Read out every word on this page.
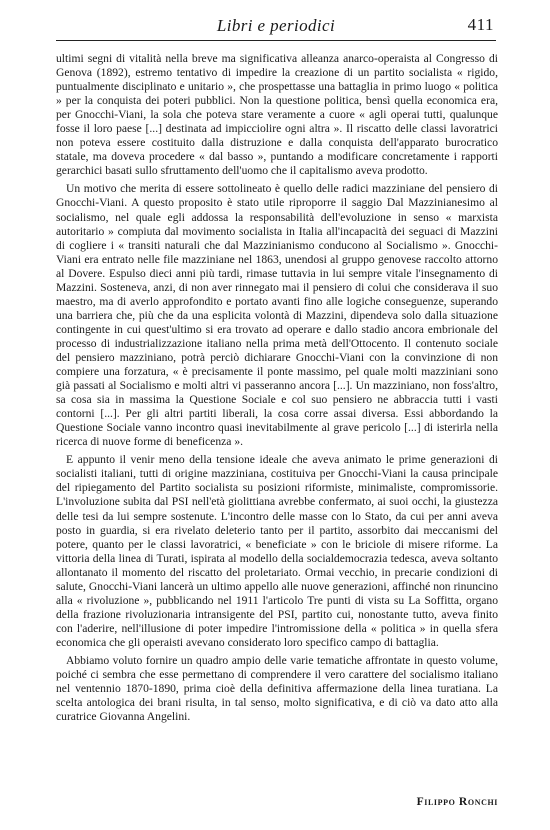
Libri e periodici	411

ultimi segni di vitalità nella breve ma significativa alleanza anarco-operaista al Congresso di Genova (1892), estremo tentativo di impedire la creazione di un partito socialista « rigido, puntualmente disciplinato e unitario », che prospettasse una battaglia in primo luogo « politica » per la conquista dei poteri pubblici. Non la questione politica, bensì quella economica era, per Gnocchi-Viani, la sola che poteva stare veramente a cuore « agli operai tutti, qualunque fosse il loro paese [...] destinata ad impicciolire ogni altra ». Il riscatto delle classi lavoratrici non poteva essere costituito dalla distruzione e dalla conquista dell'apparato burocratico statale, ma doveva procedere « dal basso », puntando a modificare concretamente i rapporti gerarchici basati sullo sfruttamento dell'uomo che il capitalismo aveva prodotto.

Un motivo che merita di essere sottolineato è quello delle radici mazziniane del pensiero di Gnocchi-Viani. A questo proposito è stato utile riproporre il saggio Dal Mazzinianesimo al socialismo, nel quale egli addossa la responsabilità dell'evoluzione in senso « marxista autoritario » compiuta dal movimento socialista in Italia all'incapacità dei seguaci di Mazzini di cogliere i « transiti naturali che dal Mazzinianismo conducono al Socialismo ». Gnocchi-Viani era entrato nelle file mazziniane nel 1863, unendosi al gruppo genovese raccolto attorno al Dovere. Espulso dieci anni più tardi, rimase tuttavia in lui sempre vitale l'insegnamento di Mazzini. Sosteneva, anzi, di non aver rinnegato mai il pensiero di colui che considerava il suo maestro, ma di averlo approfondito e portato avanti fino alle logiche conseguenze, superando una barriera che, più che da una esplicita volontà di Mazzini, dipendeva solo dalla situazione contingente in cui quest'ultimo si era trovato ad operare e dallo stadio ancora embrionale del processo di industrializzazione italiano nella prima metà dell'Ottocento. Il contenuto sociale del pensiero mazziniano, potrà perciò dichiarare Gnocchi-Viani con la convinzione di non compiere una forzatura, « è precisamente il ponte massimo, pel quale molti mazziniani sono già passati al Socialismo e molti altri vi passeranno ancora [...]. Un mazziniano, non foss'altro, sa cosa sia in massima la Questione Sociale e col suo pensiero ne abbraccia tutti i vasti contorni [...]. Per gli altri partiti liberali, la cosa corre assai diversa. Essi abbordando la Questione Sociale vanno incontro quasi inevitabilmente al grave pericolo [...] di isterirla nella ricerca di nuove forme di beneficenza ».

E appunto il venir meno della tensione ideale che aveva animato le prime generazioni di socialisti italiani, tutti di origine mazziniana, costituiva per Gnocchi-Viani la causa principale del ripiegamento del Partito socialista su posizioni riformiste, minimaliste, compromissorie. L'involuzione subita dal PSI nell'età giolittiana avrebbe confermato, ai suoi occhi, la giustezza delle tesi da lui sempre sostenute. L'incontro delle masse con lo Stato, da cui per anni aveva posto in guardia, si era rivelato deleterio tanto per il partito, assorbito dai meccanismi del potere, quanto per le classi lavoratrici, « beneficiate » con le briciole di misere riforme. La vittoria della linea di Turati, ispirata al modello della socialdemocrazia tedesca, aveva soltanto allontanato il momento del riscatto del proletariato. Ormai vecchio, in precarie condizioni di salute, Gnocchi-Viani lancerà un ultimo appello alle nuove generazioni, affinché non rinuncino alla « rivoluzione », pubblicando nel 1911 l'articolo Tre punti di vista su La Soffitta, organo della frazione rivoluzionaria intransigente del PSI, partito cui, nonostante tutto, aveva finito con l'aderire, nell'illusione di poter impedire l'intromissione della « politica » in quella sfera economica che gli operaisti avevano considerato loro specifico campo di battaglia.

Abbiamo voluto fornire un quadro ampio delle varie tematiche affrontate in questo volume, poiché ci sembra che esse permettano di comprendere il vero carattere del socialismo italiano nel ventennio 1870-1890, prima cioè della definitiva affermazione della linea turatiana. La scelta antologica dei brani risulta, in tal senso, molto significativa, e di ciò va dato atto alla curatrice Giovanna Angelini.

Filippo Ronchi
